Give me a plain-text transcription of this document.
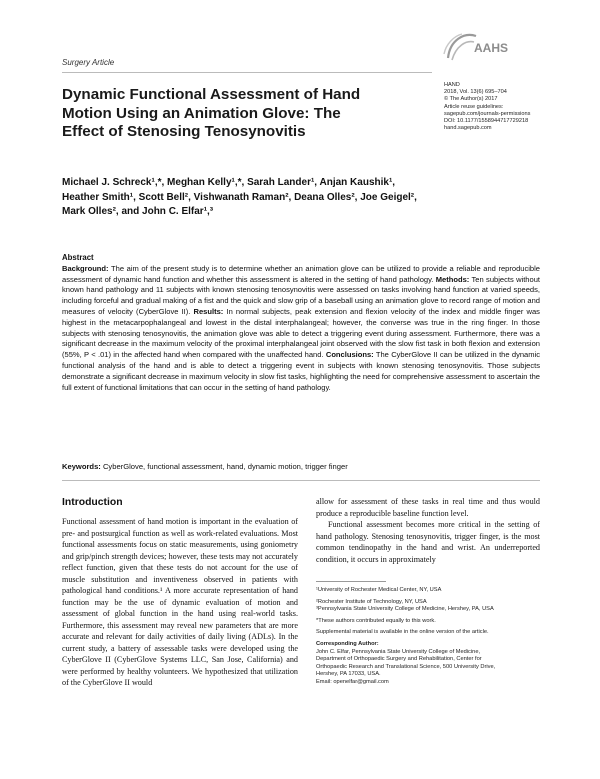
Surgery Article
AAHS
HAND
2018, Vol. 13(6) 695–704
© The Author(s) 2017
Article reuse guidelines:
sagepub.com/journals-permissions
DOI: 10.1177/1558944717729218
hand.sagepub.com
Dynamic Functional Assessment of Hand
Motion Using an Animation Glove: The
Effect of Stenosing Tenosynovitis
Michael J. Schreck¹,*, Meghan Kelly¹,*, Sarah Lander¹, Anjan Kaushik¹,
Heather Smith¹, Scott Bell², Vishwanath Raman², Deana Olles², Joe Geigel²,
Mark Olles², and John C. Elfar¹,³
Abstract
Background: The aim of the present study is to determine whether an animation glove can be utilized to provide a reliable and reproducible assessment of dynamic hand function and whether this assessment is altered in the setting of hand pathology. Methods: Ten subjects without known hand pathology and 11 subjects with known stenosing tenosynovitis were assessed on tasks involving hand function at varied speeds, including forceful and gradual making of a fist and the quick and slow grip of a baseball using an animation glove to record range of motion and measures of velocity (CyberGlove II). Results: In normal subjects, peak extension and flexion velocity of the index and middle finger was highest in the metacarpophalangeal and lowest in the distal interphalangeal; however, the converse was true in the ring finger. In those subjects with stenosing tenosynovitis, the animation glove was able to detect a triggering event during assessment. Furthermore, there was a significant decrease in the maximum velocity of the proximal interphalangeal joint observed with the slow fist task in both flexion and extension (55%, P < .01) in the affected hand when compared with the unaffected hand. Conclusions: The CyberGlove II can be utilized in the dynamic functional analysis of the hand and is able to detect a triggering event in subjects with known stenosing tenosynovitis. Those subjects demonstrate a significant decrease in maximum velocity in slow fist tasks, highlighting the need for comprehensive assessment to ascertain the full extent of functional limitations that can occur in the setting of hand pathology.
Keywords: CyberGlove, functional assessment, hand, dynamic motion, trigger finger
Introduction

Functional assessment of hand motion is important in the evaluation of pre- and postsurgical function as well as work-related evaluations. Most functional assessments focus on static measurements, using goniometry and grip/pinch strength devices; however, these tests may not accurately reflect function, given that these tests do not account for the use of muscle substitution and inventiveness observed in patients with pathological hand conditions.¹ A more accurate representation of hand function may be the use of dynamic evaluation of motion and assessment of global function in the hand using real-world tasks. Furthermore, this assessment may reveal new parameters that are more accurate and relevant for daily activities of daily living (ADLs). In the current study, a battery of assessable tasks were developed using the CyberGlove II (CyberGlove Systems LLC, San Jose, California) and were performed by healthy volunteers. We hypothesized that utilization of the CyberGlove II would

allow for assessment of these tasks in real time and thus would produce a reproducible baseline function level.

Functional assessment becomes more critical in the setting of hand pathology. Stenosing tenosynovitis, trigger finger, is the most common tendinopathy in the hand and wrist. An underreported condition, it occurs in approximately

¹University of Rochester Medical Center, NY, USA
²Rochester Institute of Technology, NY, USA
³Pennsylvania State University College of Medicine, Hershey, PA, USA
*These authors contributed equally to this work.
Supplemental material is available in the online version of the article.
Corresponding Author:
John C. Elfar, Pennsylvania State University College of Medicine,
Department of Orthopaedic Surgery and Rehabilitation, Center for
Orthopaedic Research and Translational Science, 500 University Drive,
Hershey, PA 17033, USA.
Email: openelfar@gmail.com
